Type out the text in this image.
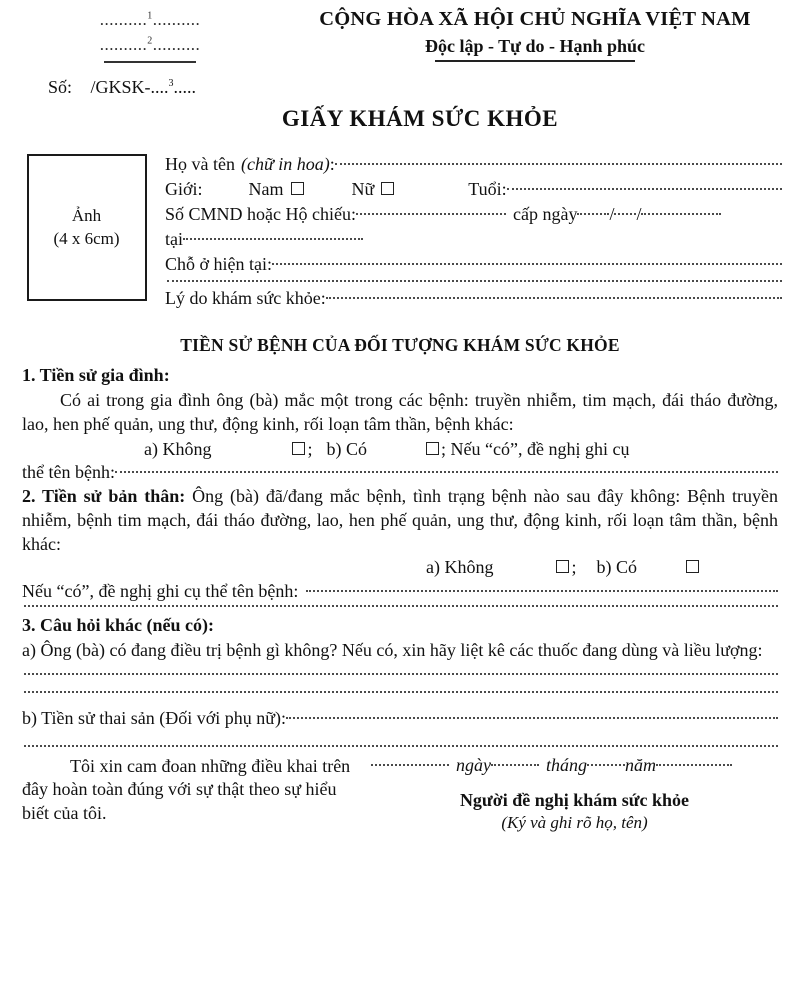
..........$^1$..........
..........$^2$..........
CỘNG HÒA XÃ HỘI CHỦ NGHĨA VIỆT NAM
Độc lập - Tự do - Hạnh phúc
Số: /GKSK-....$^3$.....
GIẤY KHÁM SỨC KHỎE
Ảnh
(4 x 6cm)
Họ và tên (chữ in hoa) :
Giới:	Nam	Nữ	Tuổi:
Số CMND hoặc Hộ chiếu:	cấp ngày / /
tại
Chỗ ở hiện tại:
Lý do khám sức khỏe:
TIỀN SỬ BỆNH CỦA ĐỐI TƯỢNG KHÁM SỨC KHỎE

1. Tiền sử gia đình:

Có ai trong gia đình ông (bà) mắc một trong các bệnh: truyền nhiễm, tim mạch, đái tháo đường, lao, hen phế quản, ung thư, động kinh, rối loạn tâm thần, bệnh khác:

a) Không	; b) Có	; Nếu “có”, đề nghị ghi cụ
thể tên bệnh:
2. Tiền sử bản thân: Ông (bà) đã/đang mắc bệnh, tình trạng bệnh nào sau đây không: Bệnh truyền nhiễm, bệnh tim mạch, đái tháo đường, lao, hen phế quản, ung thư, động kinh, rối loạn tâm thần, bệnh khác:
a) Không	; b) Có
Nếu “có”, đề nghị ghi cụ thể tên bệnh:

3. Câu hỏi khác (nếu có):

a) Ông (bà) có đang điều trị bệnh gì không? Nếu có, xin hãy liệt kê các thuốc đang dùng và liều lượng:

b) Tiền sử thai sản (Đối với phụ nữ):
Tôi xin cam đoan những điều khai trên đây hoàn toàn đúng với sự thật theo sự hiểu biết của tôi.
ngày	tháng năm
Người đề nghị khám sức khỏe
(Ký và ghi rõ họ, tên)
